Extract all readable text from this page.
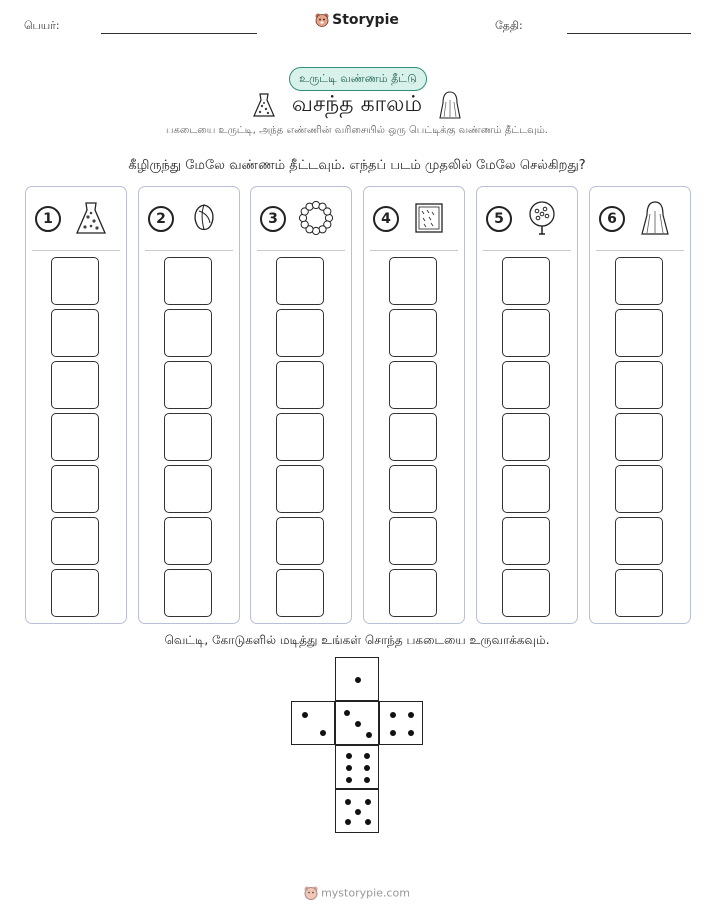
பெயர்:	Storypie	தேதி:
உருட்டி வண்ணம் தீட்டு
வசந்த காலம்
பகடையை உருட்டி, அந்த எண்ணின் வரிசையில் ஒரு பெட்டிக்கு வண்ணம் தீட்டவும்.
கீழிருந்து மேலே வண்ணம் தீட்டவும். எந்தப் படம் முதலில் மேலே செல்கிறது?
1	2	3	4	5	6
வெட்டி, கோடுகளில் மடித்து உங்கள் சொந்த பகடையை உருவாக்கவும்.
mystorypie.com
